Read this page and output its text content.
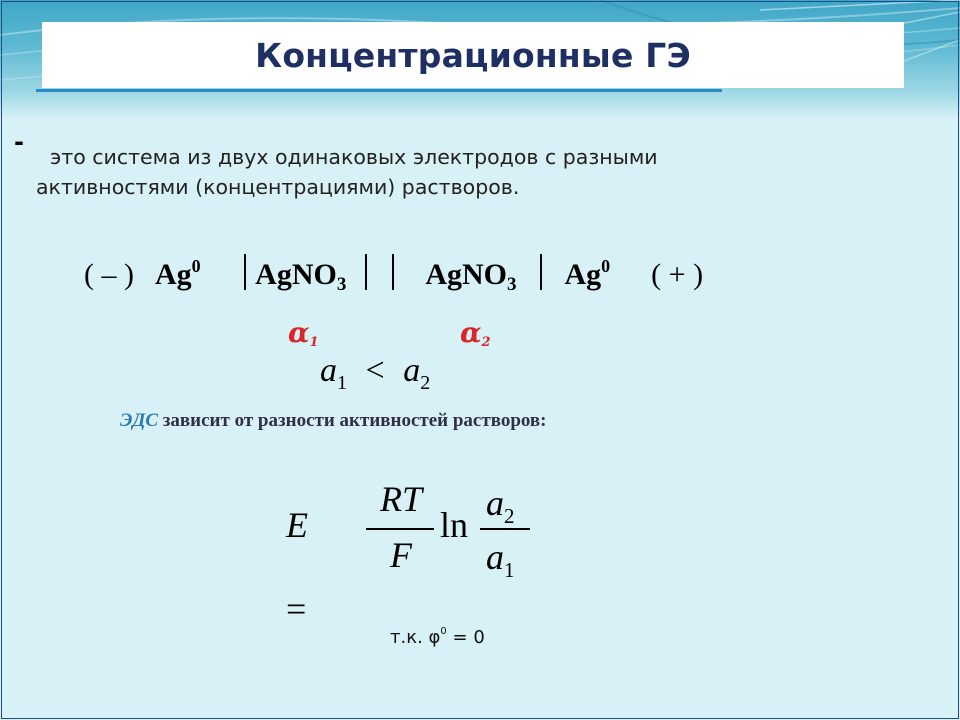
Концентрационные ГЭ
-
это система из двух одинаковых электродов с разными
активностями (концентрациями) растворов.
( – ) Ag$^0$ AgNO$_3$	AgNO$_3$ Ag$^0$ ( + )
$\alpha_1$	$\alpha_2$
$a_1 < a_2$
ЭДС зависит от разности активностей растворов:
E=
RT
F
ln
$a_2$
$a_1$
т.к. $\varphi^0 = 0$
